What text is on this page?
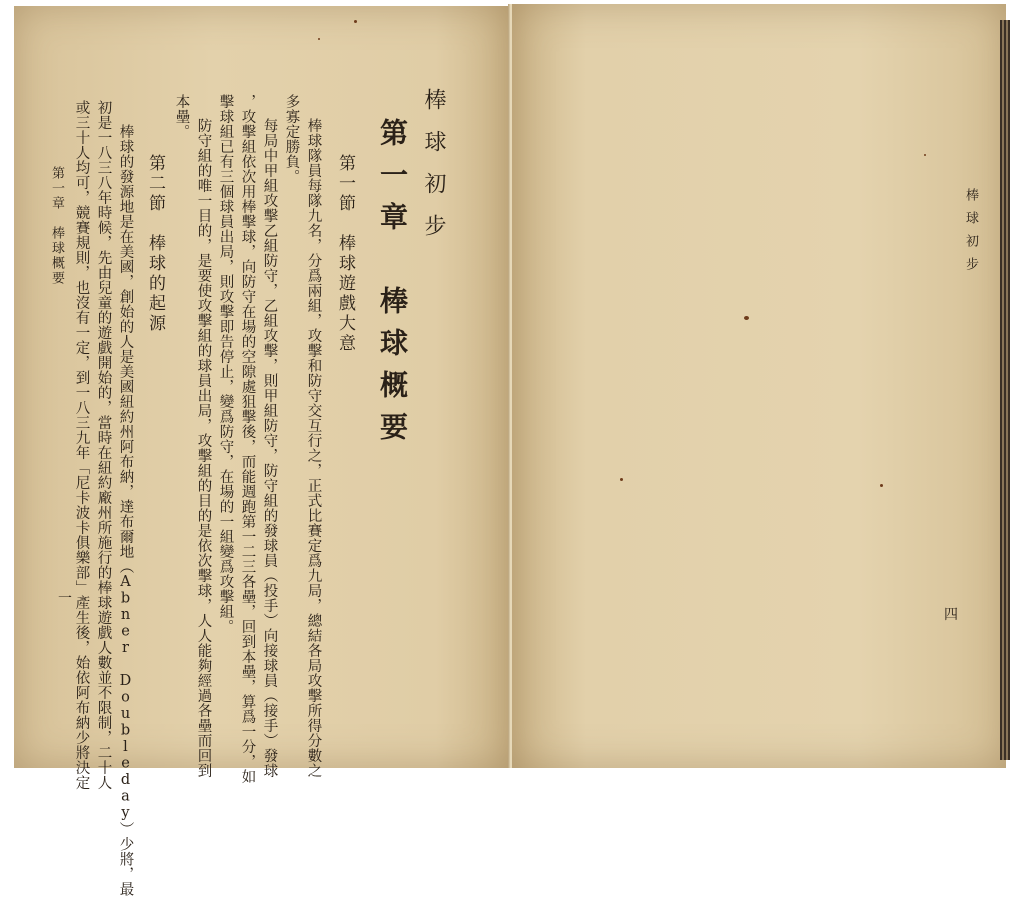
棒球初步
第一章　棒球概要
第一節　棒球遊戲大意
棒球隊員每隊九名，分爲兩組，攻擊和防守交互行之，正式比賽定爲九局，總結各局攻擊所得分數之
多寡定勝負。
每局中甲組攻擊乙組防守，乙組攻擊，則甲組防守，防守組的發球員（投手）向接球員（接手）發球
，攻擊組依次用棒擊球，向防守在場的空隙處狙擊後，而能週跑第一二三各壘，回到本壘，算爲一分，如
擊球組已有三個球員出局，則攻擊即告停止，變爲防守，在場的一組變爲攻擊組。
防守組的唯一目的，是要使攻擊組的球員出局，攻擊組的目的是依次擊球，人人能夠經過各壘而回到
本壘。
第二節　棒球的起源
棒球的發源地是在美國，創始的人是美國紐約州阿布納，達布爾地（Abner Doubleday）少將，最
初是一八三八年時候，先由兒童的遊戲開始的，當時在紐約廠州所施行的棒球遊戲人數並不限制，二十人
或三十人均可，競賽規則，也沒有一定，到一八三九年「尼卡波卡俱樂部」產生後，始依阿布納少將決定
第一章　棒球概要
一
棒球初步
四
